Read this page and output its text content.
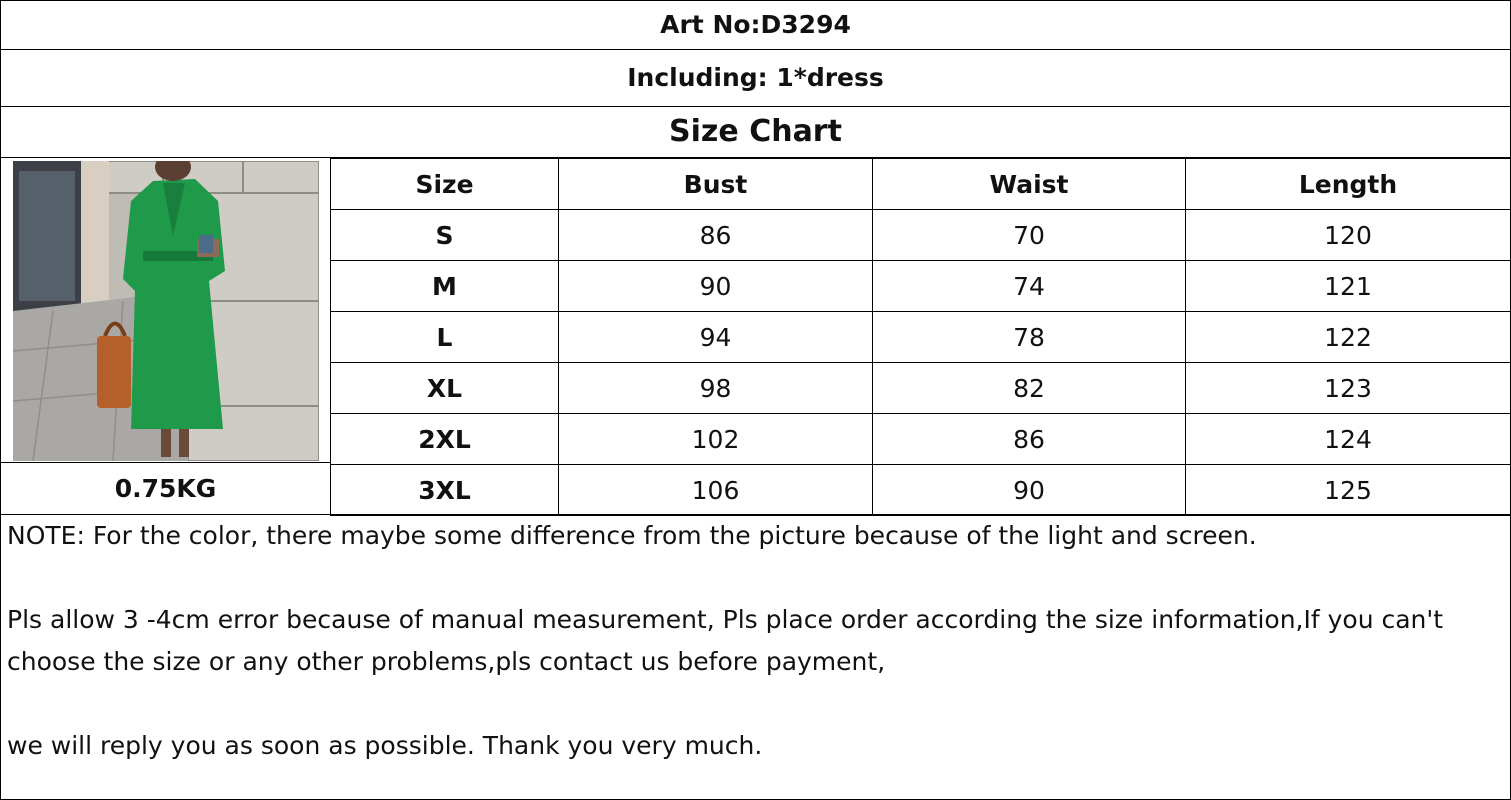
Art No:D3294
Including: 1*dress
Size Chart
0.75KG
Size	Bust	Waist	Length
S	86	70	120
M	90	74	121
L	94	78	122
XL	98	82	123
2XL	102	86	124
3XL	106	90	125

NOTE: For the color, there maybe some difference from the picture because of the light and screen.

Pls allow 3 -4cm error because of manual measurement, Pls place order according the size information,If you can't choose the size or any other problems,pls contact us before payment,

we will reply you as soon as possible. Thank you very much.
